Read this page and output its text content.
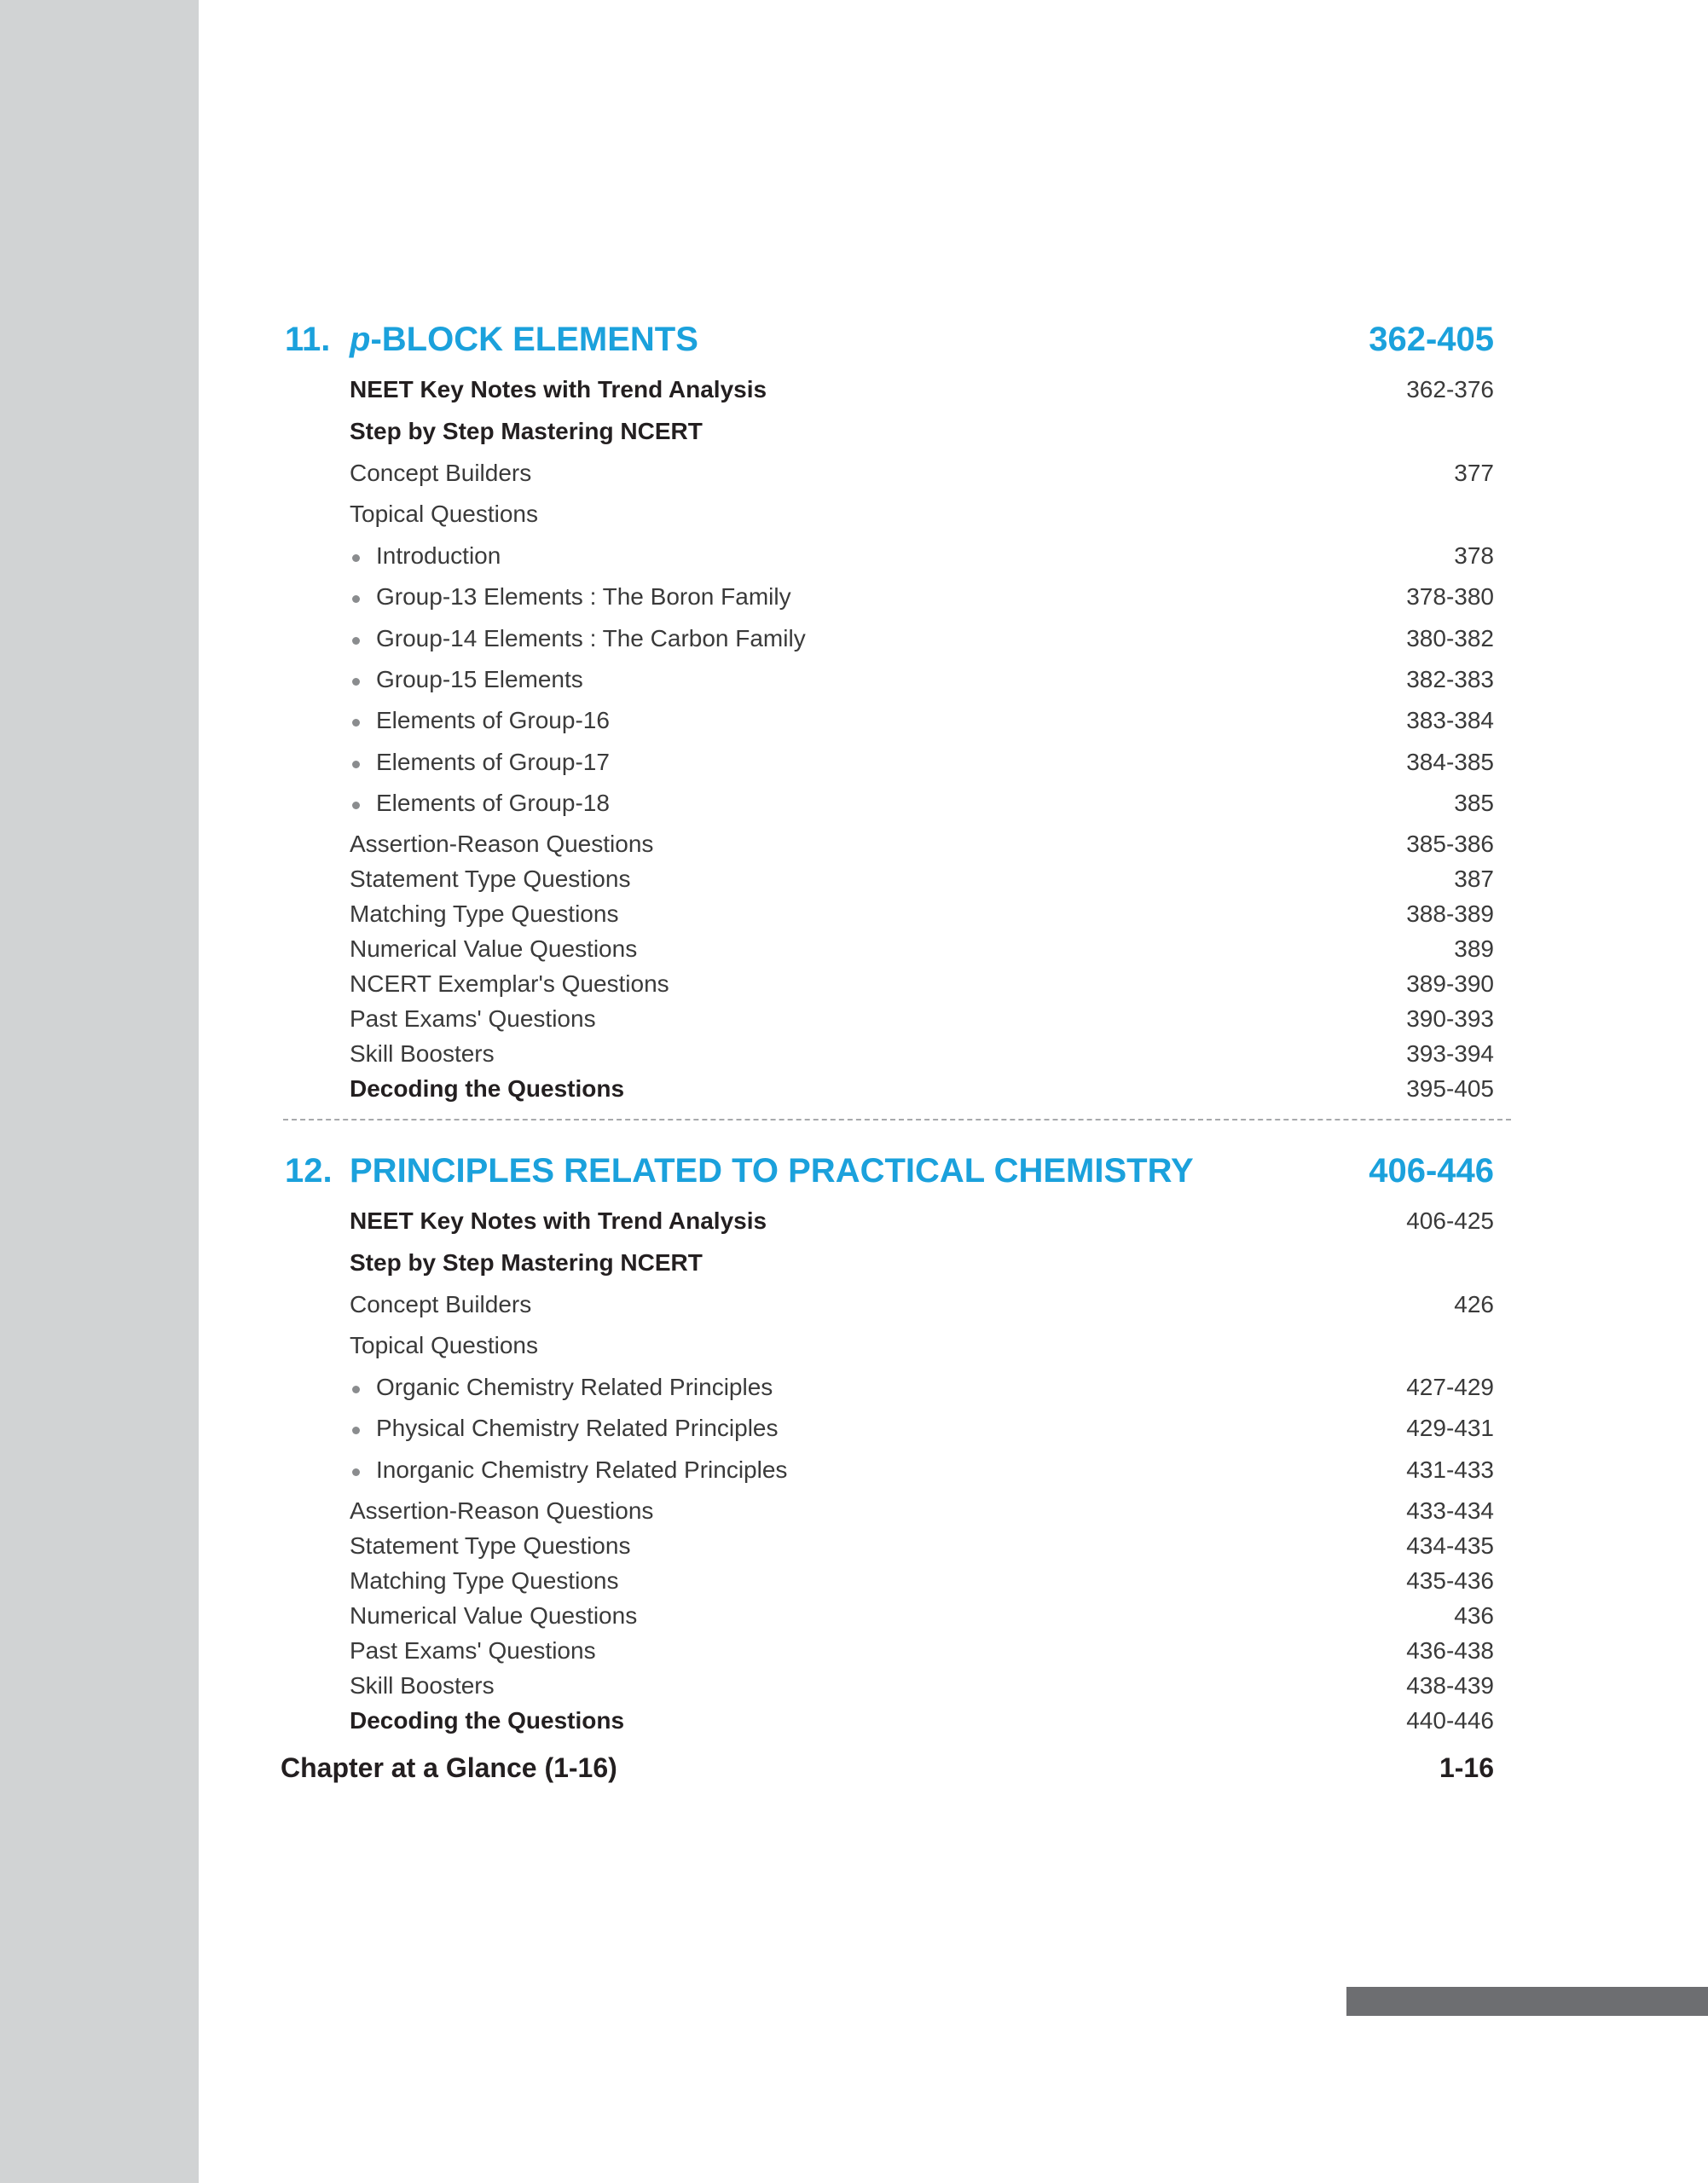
11. p-BLOCK ELEMENTS	362-405
NEET Key Notes with Trend Analysis	362-376
Step by Step Mastering NCERT
Concept Builders	377
Topical Questions
Introduction	378
Group-13 Elements : The Boron Family	378-380
Group-14 Elements : The Carbon Family	380-382
Group-15 Elements	382-383
Elements of Group-16	383-384
Elements of Group-17	384-385
Elements of Group-18	385
Assertion-Reason Questions	385-386
Statement Type Questions	387
Matching Type Questions	388-389
Numerical Value Questions	389
NCERT Exemplar's Questions	389-390
Past Exams' Questions	390-393
Skill Boosters	393-394
Decoding the Questions	395-405
12. PRINCIPLES RELATED TO PRACTICAL CHEMISTRY	406-446
NEET Key Notes with Trend Analysis	406-425
Step by Step Mastering NCERT
Concept Builders	426
Topical Questions
Organic Chemistry Related Principles	427-429
Physical Chemistry Related Principles	429-431
Inorganic Chemistry Related Principles	431-433
Assertion-Reason Questions	433-434
Statement Type Questions	434-435
Matching Type Questions	435-436
Numerical Value Questions	436
Past Exams' Questions	436-438
Skill Boosters	438-439
Decoding the Questions	440-446
Chapter at a Glance (1-16)	1-16
